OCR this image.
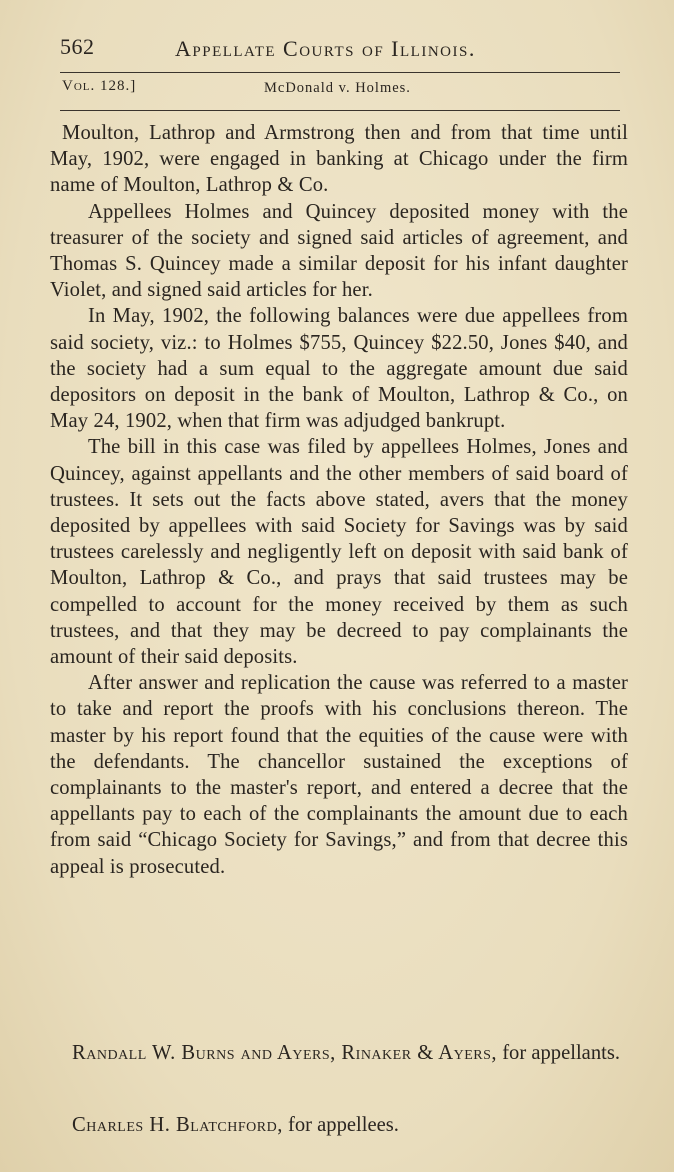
562	Appellate Courts of Illinois.
Vol. 128.]	McDonald v. Holmes.

Moulton, Lathrop and Armstrong then and from that time until May, 1902, were engaged in banking at Chicago under the firm name of Moulton, Lathrop & Co.

Appellees Holmes and Quincey deposited money with the treasurer of the society and signed said articles of agreement, and Thomas S. Quincey made a similar deposit for his infant daughter Violet, and signed said articles for her.

In May, 1902, the following balances were due appellees from said society, viz.: to Holmes $755, Quincey $22.50, Jones $40, and the society had a sum equal to the aggregate amount due said depositors on deposit in the bank of Moulton, Lathrop & Co., on May 24, 1902, when that firm was adjudged bankrupt.

The bill in this case was filed by appellees Holmes, Jones and Quincey, against appellants and the other members of said board of trustees. It sets out the facts above stated, avers that the money deposited by appellees with said Society for Savings was by said trustees carelessly and negligently left on deposit with said bank of Moulton, Lathrop & Co., and prays that said trustees may be compelled to account for the money received by them as such trustees, and that they may be decreed to pay complainants the amount of their said deposits.

After answer and replication the cause was referred to a master to take and report the proofs with his conclusions thereon. The master by his report found that the equities of the cause were with the defendants. The chancellor sustained the exceptions of complainants to the master's report, and entered a decree that the appellants pay to each of the complainants the amount due to each from said “Chicago Society for Savings,” and from that decree this appeal is prosecuted.

Randall W. Burns and Ayers, Rinaker & Ayers, for appellants.
Charles H. Blatchford, for appellees.
